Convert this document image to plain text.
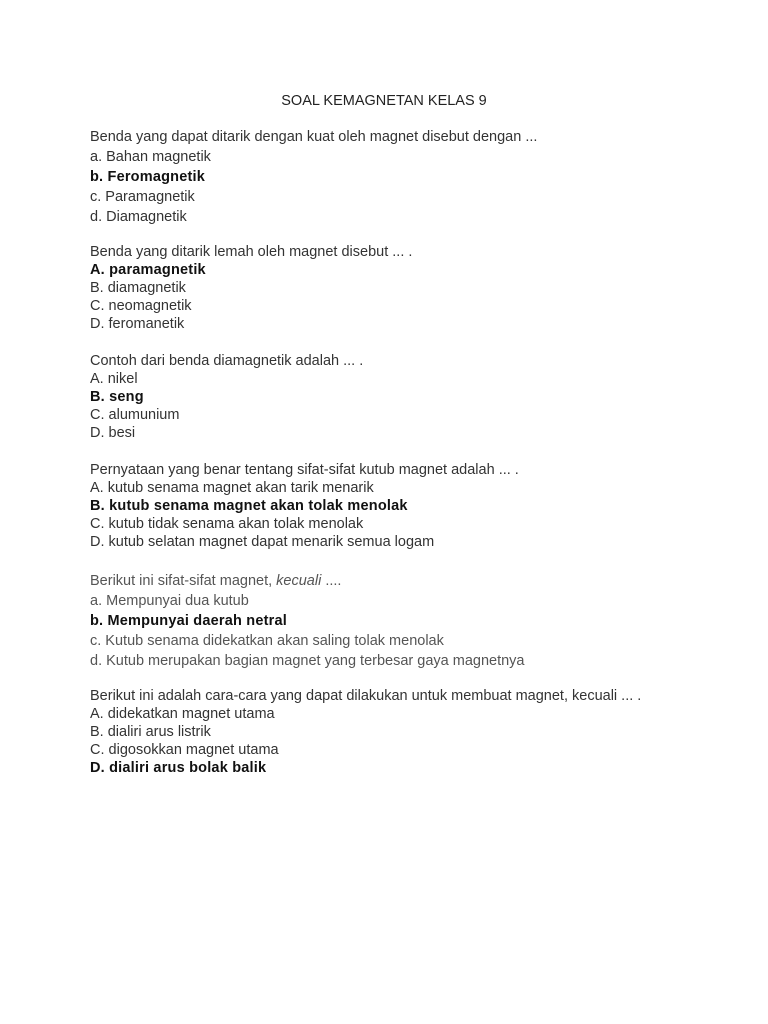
SOAL KEMAGNETAN KELAS 9
Benda yang dapat ditarik dengan kuat oleh magnet disebut dengan ...
a. Bahan magnetik
b. Feromagnetik
c. Paramagnetik
d. Diamagnetik
Benda yang ditarik lemah oleh magnet disebut ... .
A. paramagnetik
B. diamagnetik
C. neomagnetik
D. feromanetik
Contoh dari benda diamagnetik adalah ... .
A. nikel
B. seng
C. alumunium
D. besi
Pernyataan yang benar tentang sifat-sifat kutub magnet adalah ... .
A. kutub senama magnet akan tarik menarik
B. kutub senama magnet akan tolak menolak
C. kutub tidak senama akan tolak menolak
D. kutub selatan magnet dapat menarik semua logam
Berikut ini sifat-sifat magnet, kecuali ....
a. Mempunyai dua kutub
b. Mempunyai daerah netral
c. Kutub senama didekatkan akan saling tolak menolak
d. Kutub merupakan bagian magnet yang terbesar gaya magnetnya
Berikut ini adalah cara-cara yang dapat dilakukan untuk membuat magnet, kecuali ... .
A. didekatkan magnet utama
B. dialiri arus listrik
C. digosokkan magnet utama
D. dialiri arus bolak balik
